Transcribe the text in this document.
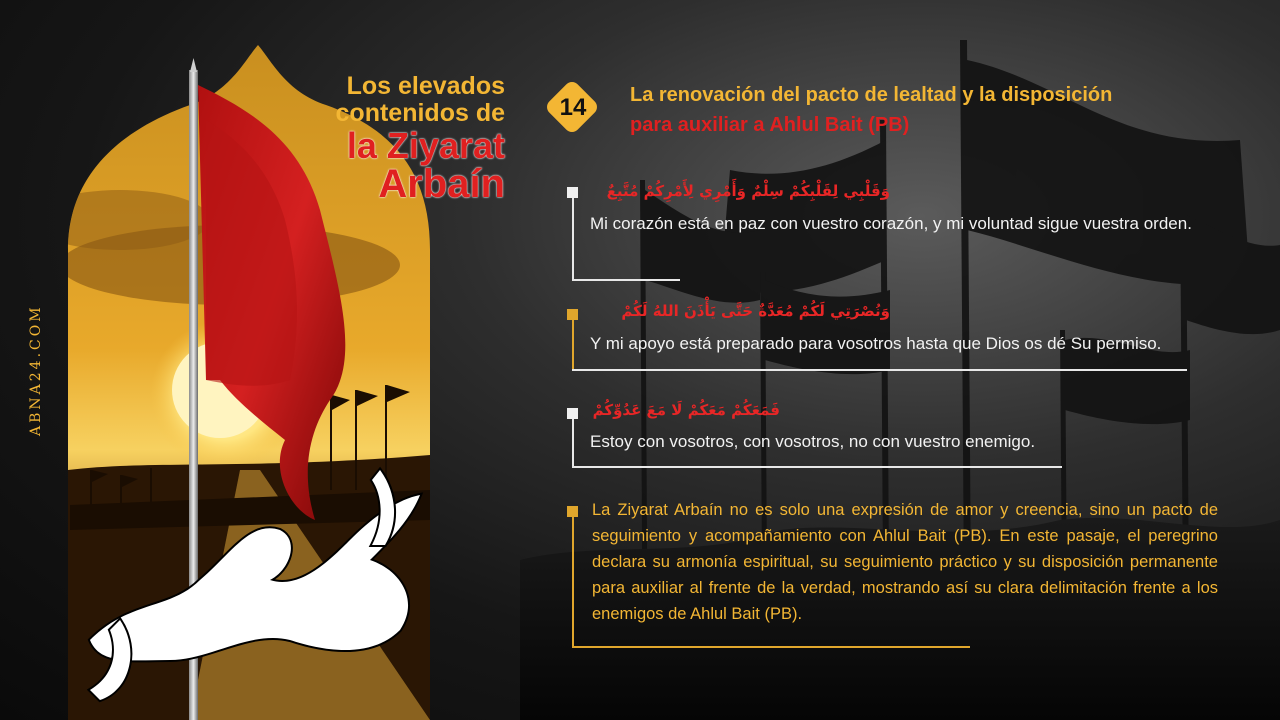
ABNA24.COM
Los elevados
contenidos de
la Ziyarat
Arbaín
14	La renovación del pacto de lealtad y la disposición
para auxiliar a Ahlul Bait (PB)
وَقَلْبِي لِقَلْبِكُمْ سِلْمٌ وَأَمْرِي لِأَمْرِكُمْ مُتَّبِعٌ
Mi corazón está en paz con vuestro corazón, y mi voluntad sigue vuestra orden.
وَنُصْرَتِي لَكُمْ مُعَدَّةٌ حَتَّى يَأْذَنَ اللهُ لَكُمْ
Y mi apoyo está preparado para vosotros hasta que Dios os dé Su permiso.
فَمَعَكُمْ مَعَكُمْ لَا مَعَ عَدُوِّكُمْ
Estoy con vosotros, con vosotros, no con vuestro enemigo.
La Ziyarat Arbaín no es solo una expresión de amor y creencia, sino un pacto de seguimiento y acompañamiento con Ahlul Bait (PB). En este pasaje, el peregrino declara su armonía espiritual, su seguimiento práctico y su disposición permanente para auxiliar al frente de la verdad, mostrando así su clara delimitación frente a los enemigos de Ahlul Bait (PB).
